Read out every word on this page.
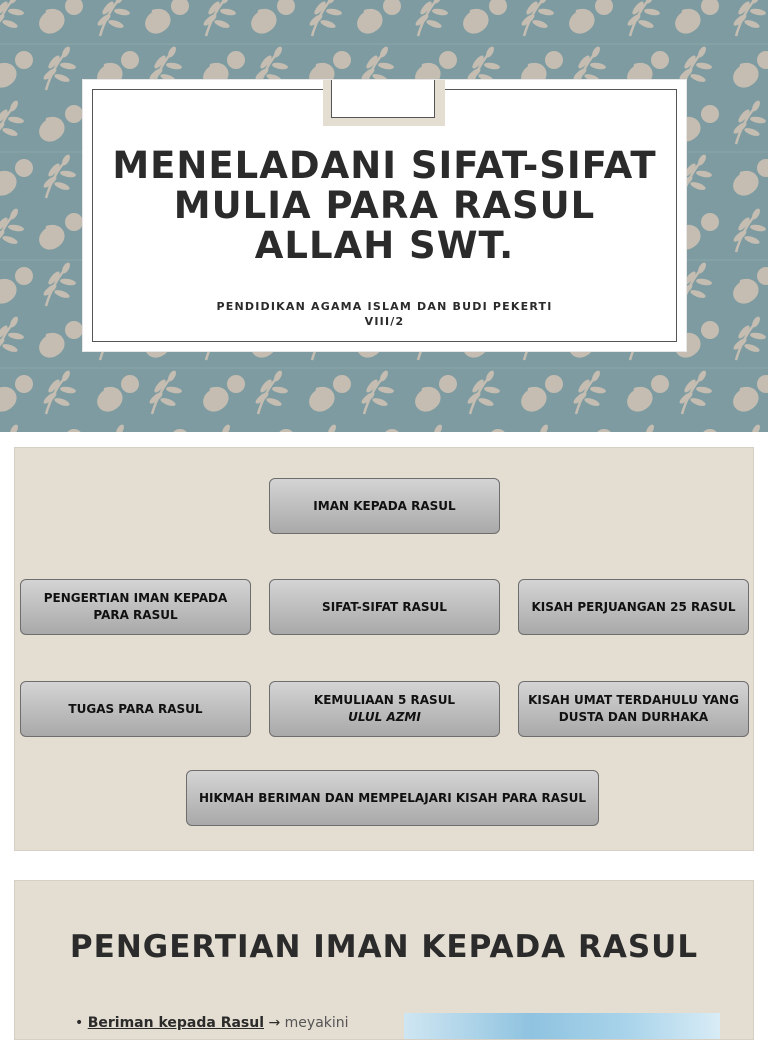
MENELADANI SIFAT-SIFAT MULIA PARA RASUL ALLAH SWT.
PENDIDIKAN AGAMA ISLAM DAN BUDI PEKERTI
VIII/2
IMAN KEPADA RASUL
PENGERTIAN IMAN KEPADA PARA RASUL
SIFAT-SIFAT RASUL	KISAH PERJUANGAN 25 RASUL
TUGAS PARA RASUL
KEMULIAAN 5 RASUL
ULUL AZMI
KISAH UMAT TERDAHULU YANG DUSTA DAN DURHAKA
HIKMAH BERIMAN DAN MEMPELAJARI KISAH PARA RASUL
PENGERTIAN IMAN KEPADA RASUL
• Beriman kepada Rasul → meyakini
